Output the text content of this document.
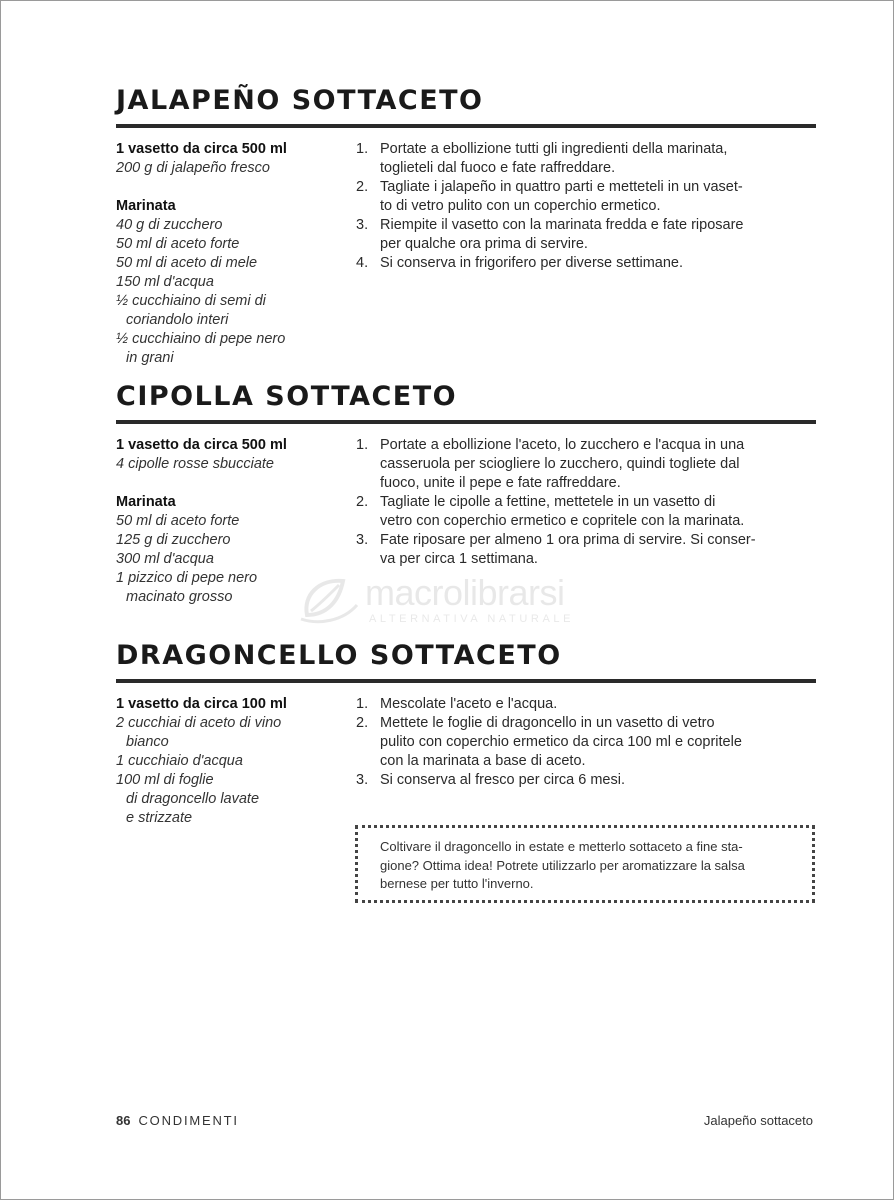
JALAPEÑO SOTTACETO
1 vasetto da circa 500 ml
200 g di jalapeño fresco
Marinata
40 g di zucchero
50 ml di aceto forte
50 ml di aceto di mele
150 ml d'acqua
½ cucchiaino di semi di
coriandolo interi
½ cucchiaino di pepe nero
in grani
1. Portate a ebollizione tutti gli ingredienti della marinata,
toglieteli dal fuoco e fate raffreddare.
2. Tagliate i jalapeño in quattro parti e metteteli in un vaset-
to di vetro pulito con un coperchio ermetico.
3. Riempite il vasetto con la marinata fredda e fate riposare
per qualche ora prima di servire.
4. Si conserva in frigorifero per diverse settimane.
CIPOLLA SOTTACETO
1 vasetto da circa 500 ml
4 cipolle rosse sbucciate
Marinata
50 ml di aceto forte
125 g di zucchero
300 ml d'acqua
1 pizzico di pepe nero
macinato grosso
1. Portate a ebollizione l'aceto, lo zucchero e l'acqua in una
casseruola per sciogliere lo zucchero, quindi togliete dal
fuoco, unite il pepe e fate raffreddare.
2. Tagliate le cipolle a fettine, mettetele in un vasetto di
vetro con coperchio ermetico e copritele con la marinata.
3. Fate riposare per almeno 1 ora prima di servire. Si conser-
va per circa 1 settimana.
DRAGONCELLO SOTTACETO
1 vasetto da circa 100 ml
2 cucchiai di aceto di vino
bianco
1 cucchiaio d'acqua
100 ml di foglie
di dragoncello lavate
e strizzate
1. Mescolate l'aceto e l'acqua.
2. Mettete le foglie di dragoncello in un vasetto di vetro
pulito con coperchio ermetico da circa 100 ml e copritele
con la marinata a base di aceto.
3. Si conserva al fresco per circa 6 mesi.
Coltivare il dragoncello in estate e metterlo sottaceto a fine sta-
gione? Ottima idea! Potrete utilizzarlo per aromatizzare la salsa
bernese per tutto l'inverno.
macrolibrarsi
ALTERNATIVA NATURALE
86 CONDIMENTI	Jalapeño sottaceto
